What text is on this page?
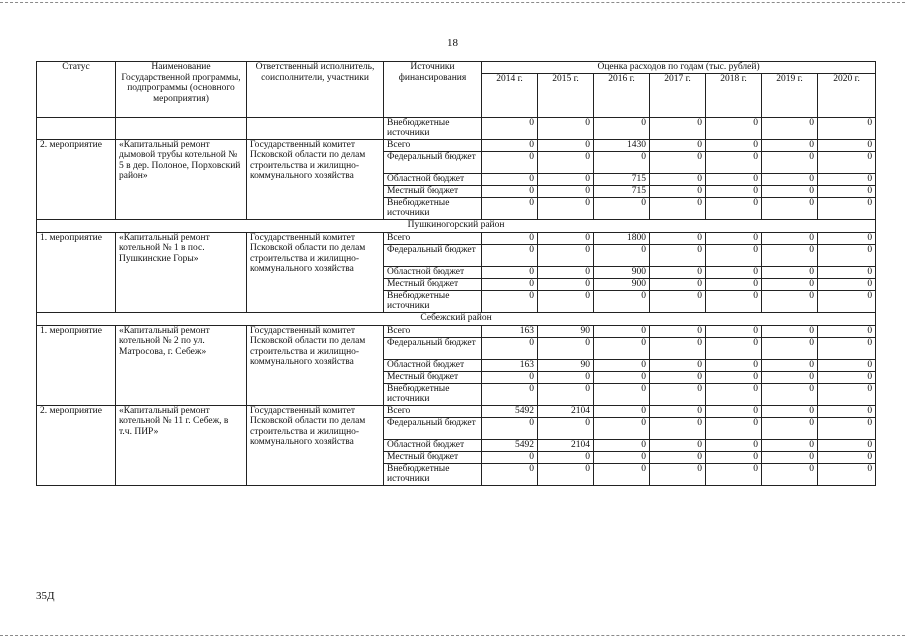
18
Статус	Наименование Государственной программы, подпрограммы (основного мероприятия)	Ответственный исполнитель, соисполнители, участники	Источники финансирования	Оценка расходов по годам (тыс. рублей)						
				2014 г.	2015 г.	2016 г.	2017 г.	2018 г.	2019 г.	2020 г.
			Внебюджетные источники	0	0	0	0	0	0	0
2. мероприятие	«Капитальный ремонт дымовой трубы котельной № 5 в дер. Полоное, Порховский район»	Государственный комитет Псковской области по делам строительства и жилищно-коммунального хозяйства	Всего	0	0	1430	0	0	0	0
			Федеральный бюджет	0	0	0	0	0	0	0
			Областной бюджет	0	0	715	0	0	0	0
			Местный бюджет	0	0	715	0	0	0	0
			Внебюджетные источники	0	0	0	0	0	0	0
Пушкиногорский район										
1. мероприятие	«Капитальный ремонт котельной № 1 в пос. Пушкинские Горы»	Государственный комитет Псковской области по делам строительства и жилищно-коммунального хозяйства	Всего	0	0	1800	0	0	0	0
			Федеральный бюджет	0	0	0	0	0	0	0
			Областной бюджет	0	0	900	0	0	0	0
			Местный бюджет	0	0	900	0	0	0	0
			Внебюджетные источники	0	0	0	0	0	0	0
Себежский район										
1. мероприятие	«Капитальный ремонт котельной № 2 по ул. Матросова, г. Себеж»	Государственный комитет Псковской области по делам строительства и жилищно-коммунального хозяйства	Всего	163	90	0	0	0	0	0
			Федеральный бюджет	0	0	0	0	0	0	0
			Областной бюджет	163	90	0	0	0	0	0
			Местный бюджет	0	0	0	0	0	0	0
			Внебюджетные источники	0	0	0	0	0	0	0
2. мероприятие	«Капитальный ремонт котельной № 11 г. Себеж, в т.ч. ПИР»	Государственный комитет Псковской области по делам строительства и жилищно-коммунального хозяйства	Всего	5492	2104	0	0	0	0	0
			Федеральный бюджет	0	0	0	0	0	0	0
			Областной бюджет	5492	2104	0	0	0	0	0
			Местный бюджет	0	0	0	0	0	0	0
			Внебюджетные источники	0	0	0	0	0	0	0
35Д
